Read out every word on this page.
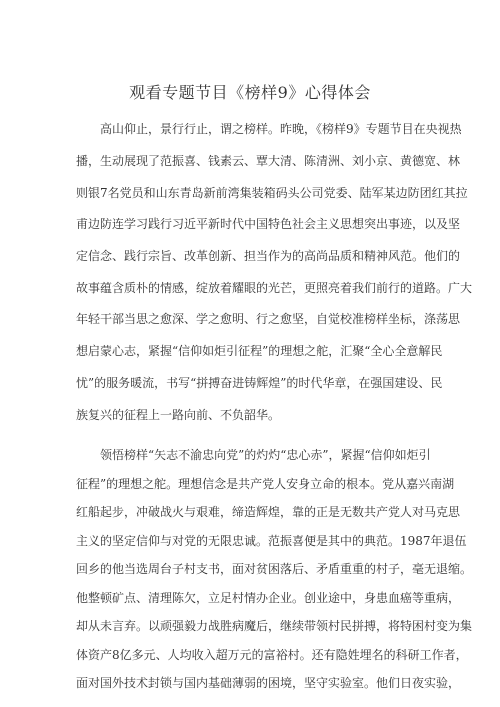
观看专题节目《榜样9》心得体会
高山仰止，景行行止，谓之榜样。昨晚，《榜样9》专题节目在央视热
播，生动展现了范振喜、钱素云、覃大清、陈清洲、刘小京、黄德宽、林
则银7名党员和山东青岛新前湾集装箱码头公司党委、陆军某边防团红其拉
甫边防连学习践行习近平新时代中国特色社会主义思想突出事迹，以及坚
定信念、践行宗旨、改革创新、担当作为的高尚品质和精神风范。他们的
故事蕴含质朴的情感，绽放着耀眼的光芒，更照亮着我们前行的道路。广大
年轻干部当思之愈深、学之愈明、行之愈坚，自觉校准榜样坐标，涤荡思
想启蒙心志，紧握“信仰如炬引征程”的理想之舵，汇聚“全心全意解民
忧”的服务暖流，书写“拼搏奋进铸辉煌”的时代华章，在强国建设、民
族复兴的征程上一路向前、不负韶华。
领悟榜样“矢志不渝忠向党”的灼灼“忠心赤”，紧握“信仰如炬引
征程”的理想之舵。理想信念是共产党人安身立命的根本。党从嘉兴南湖
红船起步，冲破战火与艰难，缔造辉煌，靠的正是无数共产党人对马克思
主义的坚定信仰与对党的无限忠诚。范振喜便是其中的典范。1987年退伍
回乡的他当选周台子村支书，面对贫困落后、矛盾重重的村子，毫无退缩。
他整顿矿点、清理陈欠，立足村情办企业。创业途中，身患血癌等重病，
却从未言弃。以顽强毅力战胜病魔后，继续带领村民拼搏，将特困村变为集
体资产8亿多元、人均收入超万元的富裕村。还有隐姓埋名的科研工作者，
面对国外技术封锁与国内基础薄弱的困境，坚守实验室。他们日夜实验，
